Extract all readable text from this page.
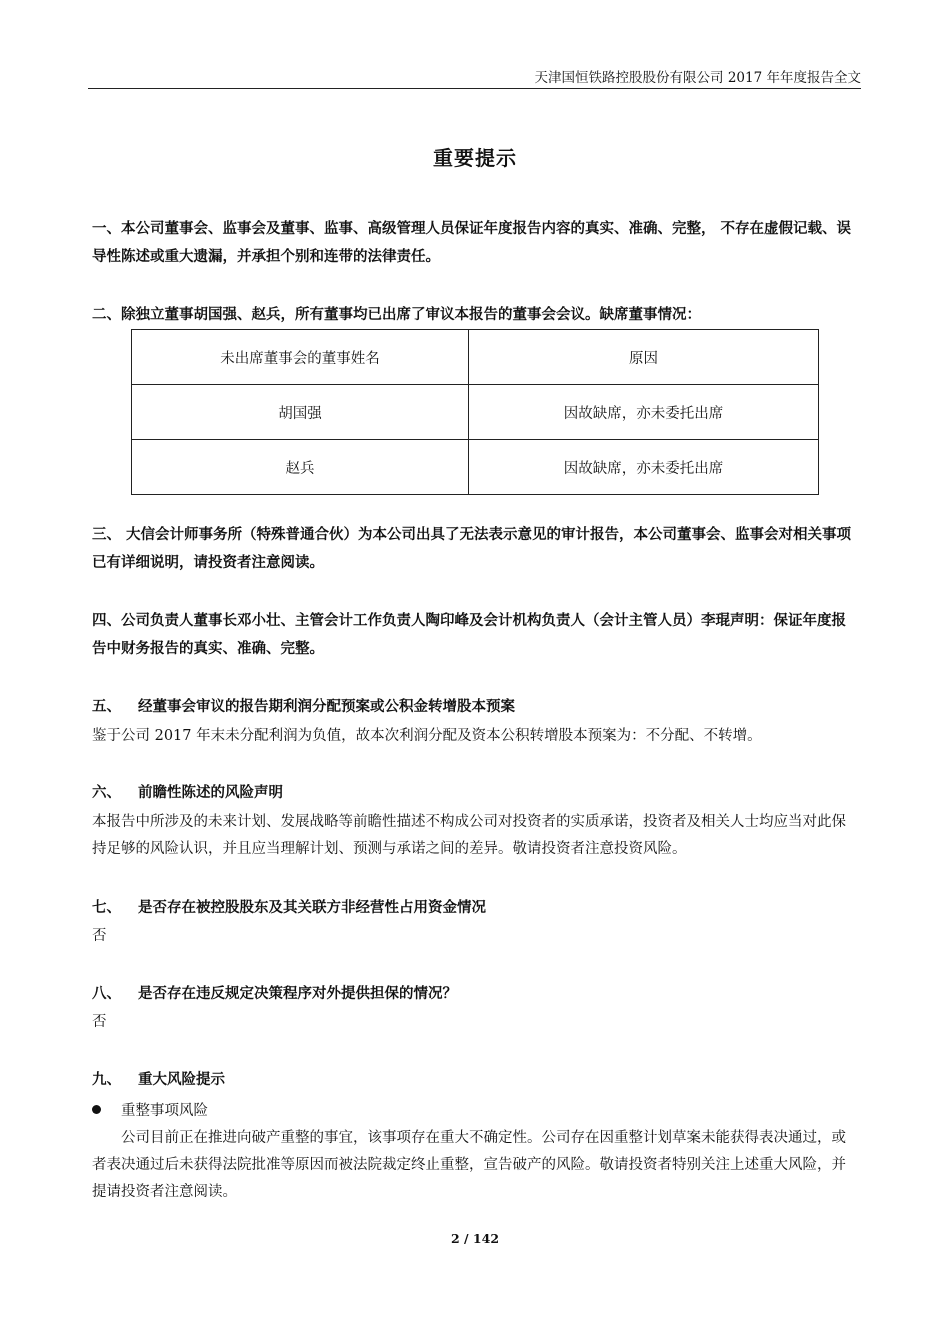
天津国恒铁路控股股份有限公司 2017 年年度报告全文
重要提示
一、本公司董事会、监事会及董事、监事、高级管理人员保证年度报告内容的真实、准确、完整， 不存在虚假记载、误导性陈述或重大遗漏，并承担个别和连带的法律责任。
二、除独立董事胡国强、赵兵，所有董事均已出席了审议本报告的董事会会议。缺席董事情况：
未出席董事会的董事姓名	原因
胡国强	因故缺席，亦未委托出席
赵兵	因故缺席，亦未委托出席
三、 大信会计师事务所（特殊普通合伙）为本公司出具了无法表示意见的审计报告，本公司董事会、监事会对相关事项已有详细说明，请投资者注意阅读。
四、公司负责人董事长邓小壮、主管会计工作负责人陶印峰及会计机构负责人（会计主管人员）李琨声明：保证年度报告中财务报告的真实、准确、完整。
五、 经董事会审议的报告期利润分配预案或公积金转增股本预案
鉴于公司 2017 年末未分配利润为负值，故本次利润分配及资本公积转增股本预案为：不分配、不转增。
六、 前瞻性陈述的风险声明
本报告中所涉及的未来计划、发展战略等前瞻性描述不构成公司对投资者的实质承诺，投资者及相关人士均应当对此保持足够的风险认识，并且应当理解计划、预测与承诺之间的差异。敬请投资者注意投资风险。
七、 是否存在被控股股东及其关联方非经营性占用资金情况
否
八、 是否存在违反规定决策程序对外提供担保的情况？
否
九、 重大风险提示
重整事项风险
公司目前正在推进向破产重整的事宜，该事项存在重大不确定性。公司存在因重整计划草案未能获得表决通过，或者表决通过后未获得法院批准等原因而被法院裁定终止重整，宣告破产的风险。敬请投资者特别关注上述重大风险，并提请投资者注意阅读。
2 / 142
